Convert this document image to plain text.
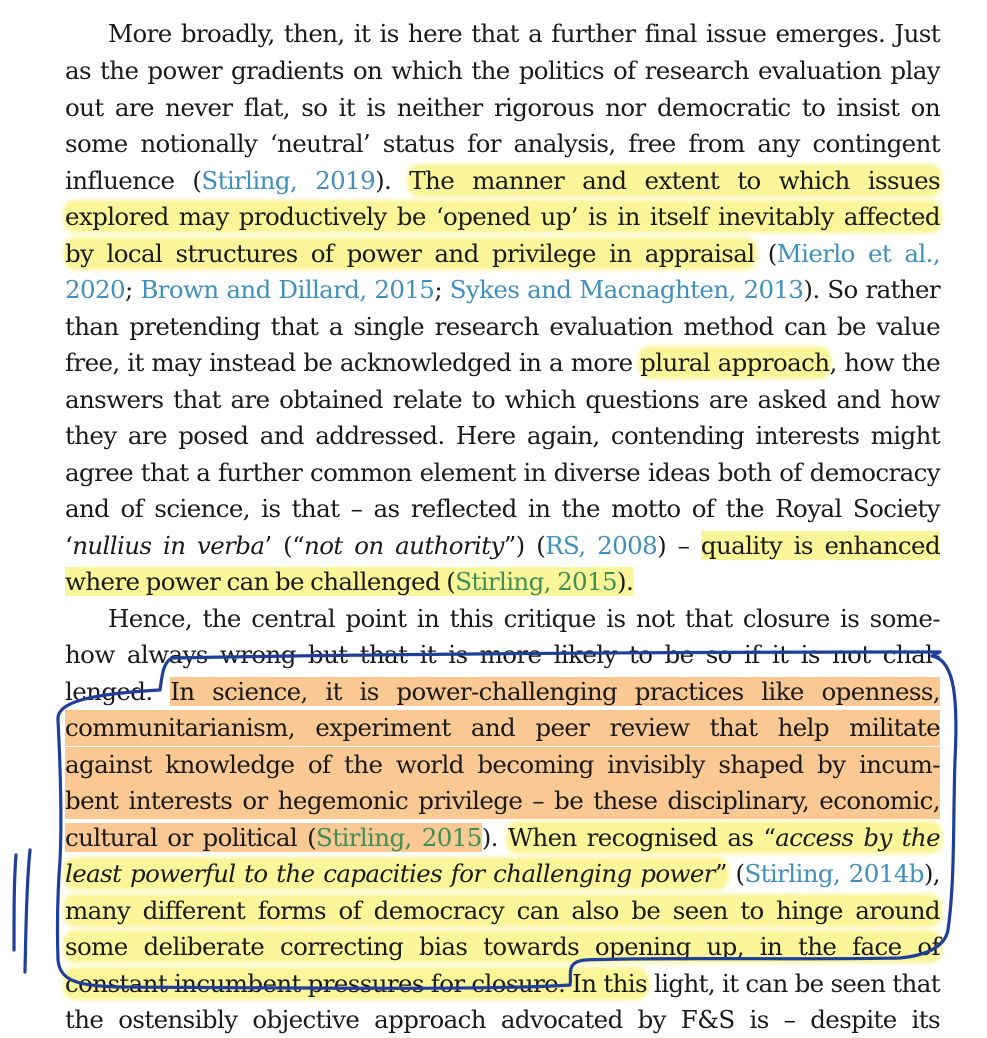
More broadly, then, it is here that a further final issue emerges. Just
as the power gradients on which the politics of research evaluation play
out are never flat, so it is neither rigorous nor democratic to insist on
some notionally ‘neutral’ status for analysis, free from any contingent
influence (Stirling, 2019). The manner and extent to which issues
explored may productively be ‘opened up’ is in itself inevitably affected
by local structures of power and privilege in appraisal (Mierlo et al.,
2020; Brown and Dillard, 2015; Sykes and Macnaghten, 2013). So rather
than pretending that a single research evaluation method can be value
free, it may instead be acknowledged in a more plural approach, how the
answers that are obtained relate to which questions are asked and how
they are posed and addressed. Here again, contending interests might
agree that a further common element in diverse ideas both of democracy
and of science, is that – as reflected in the motto of the Royal Society
‘nullius in verba’ (“not on authority”) (RS, 2008) – quality is enhanced
where power can be challenged (Stirling, 2015).
Hence, the central point in this critique is not that closure is some-
how always wrong but that it is more likely to be so if it is not chal-
lenged. In science, it is power-challenging practices like openness,
communitarianism, experiment and peer review that help militate
against knowledge of the world becoming invisibly shaped by incum-
bent interests or hegemonic privilege – be these disciplinary, economic,
cultural or political (Stirling, 2015). When recognised as “access by the
least powerful to the capacities for challenging power” (Stirling, 2014b),
many different forms of democracy can also be seen to hinge around
some deliberate correcting bias towards opening up, in the face of
constant incumbent pressures for closure. In this light, it can be seen that
the ostensibly objective approach advocated by F&S is – despite its
